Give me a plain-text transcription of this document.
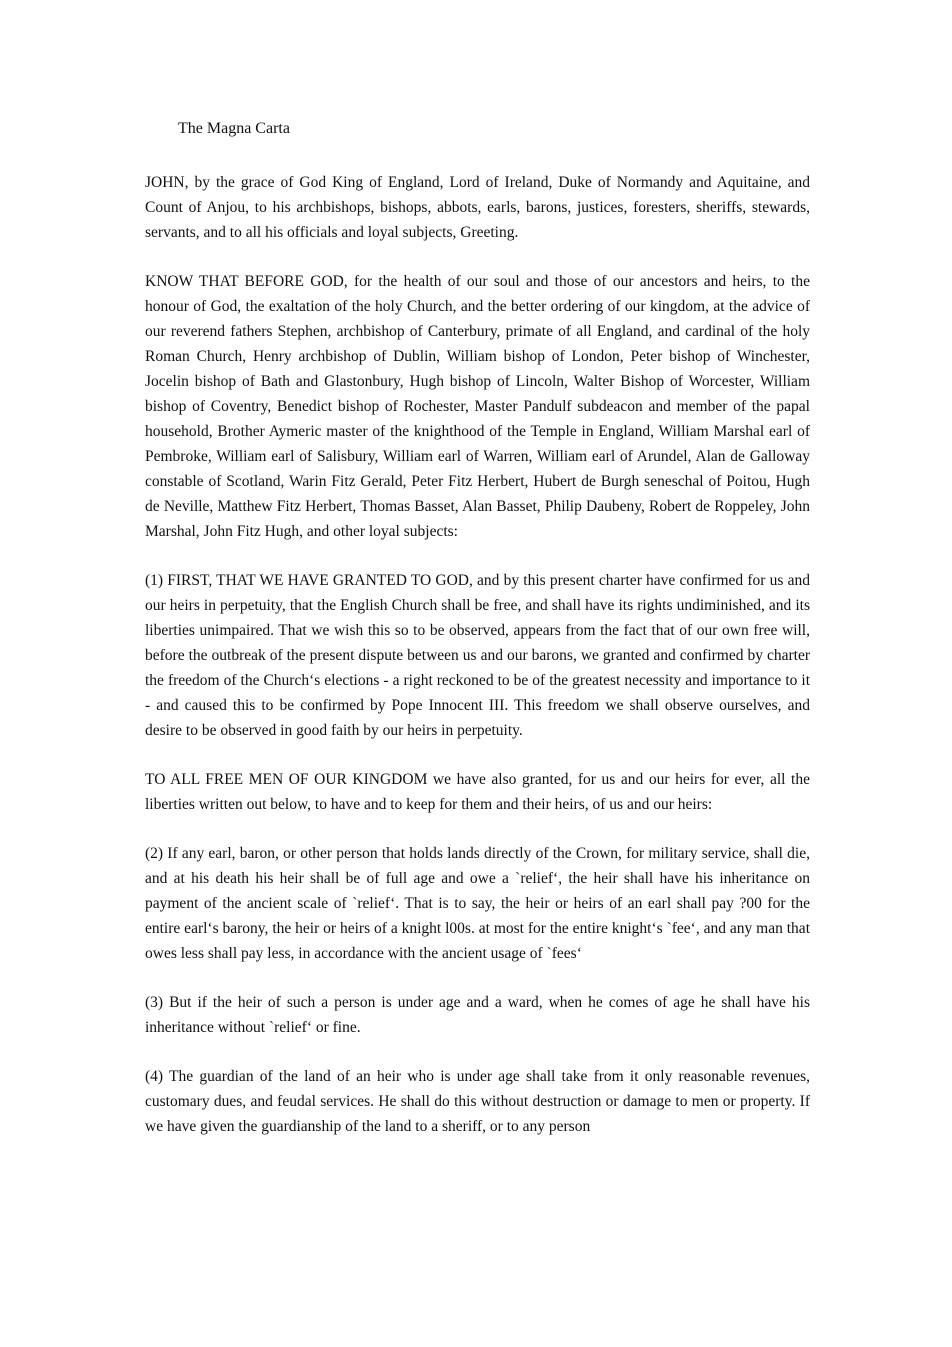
The Magna Carta

JOHN, by the grace of God King of England, Lord of Ireland, Duke of Normandy and Aquitaine, and Count of Anjou, to his archbishops, bishops, abbots, earls, barons, justices, foresters, sheriffs, stewards, servants, and to all his officials and loyal subjects, Greeting.

KNOW THAT BEFORE GOD, for the health of our soul and those of our ancestors and heirs, to the honour of God, the exaltation of the holy Church, and the better ordering of our kingdom, at the advice of our reverend fathers Stephen, archbishop of Canterbury, primate of all England, and cardinal of the holy Roman Church, Henry archbishop of Dublin, William bishop of London, Peter bishop of Winchester, Jocelin bishop of Bath and Glastonbury, Hugh bishop of Lincoln, Walter Bishop of Worcester, William bishop of Coventry, Benedict bishop of Rochester, Master Pandulf subdeacon and member of the papal household, Brother Aymeric master of the knighthood of the Temple in England, William Marshal earl of Pembroke, William earl of Salisbury, William earl of Warren, William earl of Arundel, Alan de Galloway constable of Scotland, Warin Fitz Gerald, Peter Fitz Herbert, Hubert de Burgh seneschal of Poitou, Hugh de Neville, Matthew Fitz Herbert, Thomas Basset, Alan Basset, Philip Daubeny, Robert de Roppeley, John Marshal, John Fitz Hugh, and other loyal subjects:

(1) FIRST, THAT WE HAVE GRANTED TO GOD, and by this present charter have confirmed for us and our heirs in perpetuity, that the English Church shall be free, and shall have its rights undiminished, and its liberties unimpaired. That we wish this so to be observed, appears from the fact that of our own free will, before the outbreak of the present dispute between us and our barons, we granted and confirmed by charter the freedom of the Church‘s elections - a right reckoned to be of the greatest necessity and importance to it - and caused this to be confirmed by Pope Innocent III. This freedom we shall observe ourselves, and desire to be observed in good faith by our heirs in perpetuity.

TO ALL FREE MEN OF OUR KINGDOM we have also granted, for us and our heirs for ever, all the liberties written out below, to have and to keep for them and their heirs, of us and our heirs:

(2) If any earl, baron, or other person that holds lands directly of the Crown, for military service, shall die, and at his death his heir shall be of full age and owe a `relief‘, the heir shall have his inheritance on payment of the ancient scale of `relief‘. That is to say, the heir or heirs of an earl shall pay ?00 for the entire earl‘s barony, the heir or heirs of a knight l00s. at most for the entire knight‘s `fee‘, and any man that owes less shall pay less, in accordance with the ancient usage of `fees‘

(3) But if the heir of such a person is under age and a ward, when he comes of age he shall have his inheritance without `relief‘ or fine.

(4) The guardian of the land of an heir who is under age shall take from it only reasonable revenues, customary dues, and feudal services. He shall do this without destruction or damage to men or property. If we have given the guardianship of the land to a sheriff, or to any person
